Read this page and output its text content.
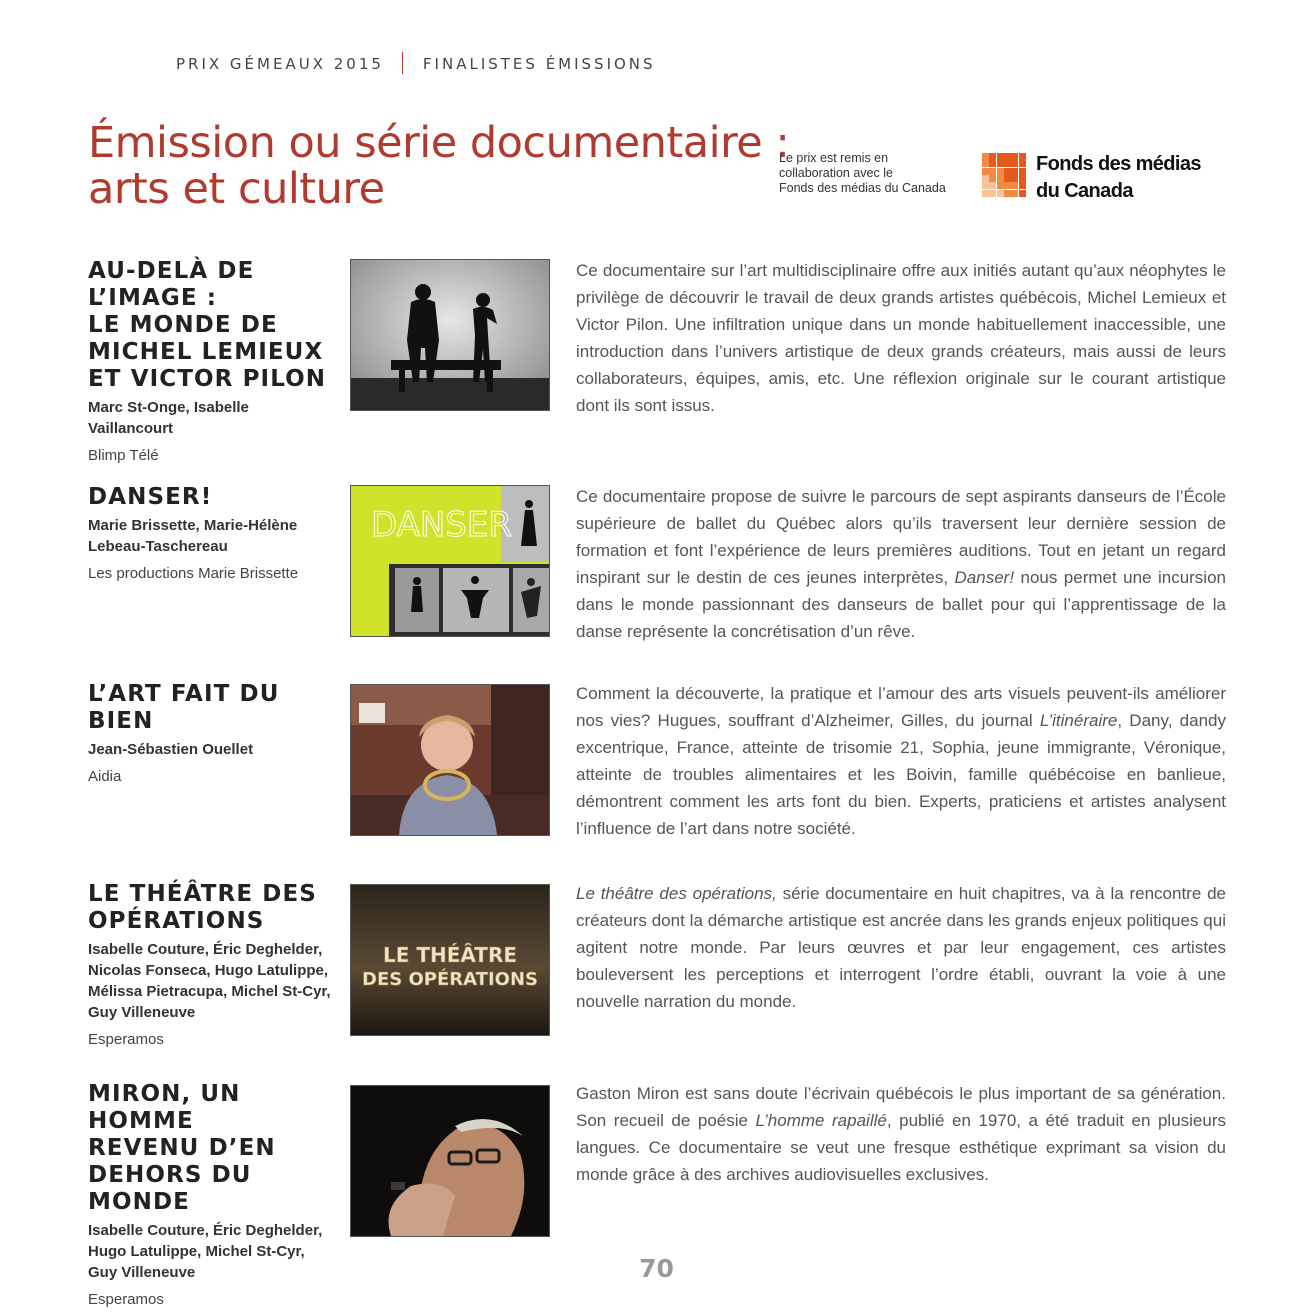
PRIX GÉMEAUX 2015	FINALISTES ÉMISSIONS
Émission ou série documentaire :
arts et culture
Le prix est remis en
collaboration avec le
Fonds des médias du Canada
Fonds des médias
du Canada
AU-DELÀ DE L’IMAGE :
LE MONDE DE
MICHEL LEMIEUX
ET VICTOR PILON
Marc St-Onge, Isabelle
Vaillancourt
Blimp Télé

Ce documentaire sur l’art multidisciplinaire offre aux initiés autant qu’aux néophytes le privilège de découvrir le travail de deux grands artistes québécois, Michel Lemieux et Victor Pilon. Une infiltration unique dans un monde habituellement inaccessible, une introduction dans l’univers artistique de deux grands créateurs, mais aussi de leurs collaborateurs, équipes, amis, etc. Une réflexion originale sur le courant artistique dont ils sont issus.

DANSER!
Marie Brissette, Marie-Hélène
Lebeau-Taschereau
Les productions Marie Brissette
DANSER

Ce documentaire propose de suivre le parcours de sept aspirants danseurs de l’École supérieure de ballet du Québec alors qu’ils traversent leur dernière session de formation et font l’expérience de leurs premières auditions. Tout en jetant un regard inspirant sur le destin de ces jeunes interprètes, Danser! nous permet une incursion dans le monde passionnant des danseurs de ballet pour qui l’apprentissage de la danse représente la concrétisation d’un rêve.

L’ART FAIT DU BIEN
Jean-Sébastien Ouellet
Aidia

Comment la découverte, la pratique et l’amour des arts visuels peuvent-ils améliorer nos vies? Hugues, souffrant d’Alzheimer, Gilles, du journal L’itinéraire, Dany, dandy excentrique, France, atteinte de trisomie 21, Sophia, jeune immigrante, Véronique, atteinte de troubles alimentaires et les Boivin, famille québécoise en banlieue, démontrent comment les arts font du bien. Experts, praticiens et artistes analysent l’influence de l’art dans notre société.

LE THÉÂTRE DES
OPÉRATIONS
Isabelle Couture, Éric Deghelder,
Nicolas Fonseca, Hugo Latulippe,
Mélissa Pietracupa, Michel St-Cyr,
Guy Villeneuve
Esperamos
LE THÉÂTRE
DES OPÉRATIONS

Le théâtre des opérations, série documentaire en huit chapitres, va à la rencontre de créateurs dont la démarche artistique est ancrée dans les grands enjeux politiques qui agitent notre monde. Par leurs œuvres et par leur engagement, ces artistes bouleversent les perceptions et interrogent l’ordre établi, ouvrant la voie à une nouvelle narration du monde.

MIRON, UN HOMME
REVENU D’EN
DEHORS DU MONDE
Isabelle Couture, Éric Deghelder,
Hugo Latulippe, Michel St-Cyr,
Guy Villeneuve
Esperamos

Gaston Miron est sans doute l’écrivain québécois le plus important de sa génération. Son recueil de poésie L’homme rapaillé, publié en 1970, a été traduit en plusieurs langues. Ce documentaire se veut une fresque esthétique exprimant sa vision du monde grâce à des archives audiovisuelles exclusives.

70
